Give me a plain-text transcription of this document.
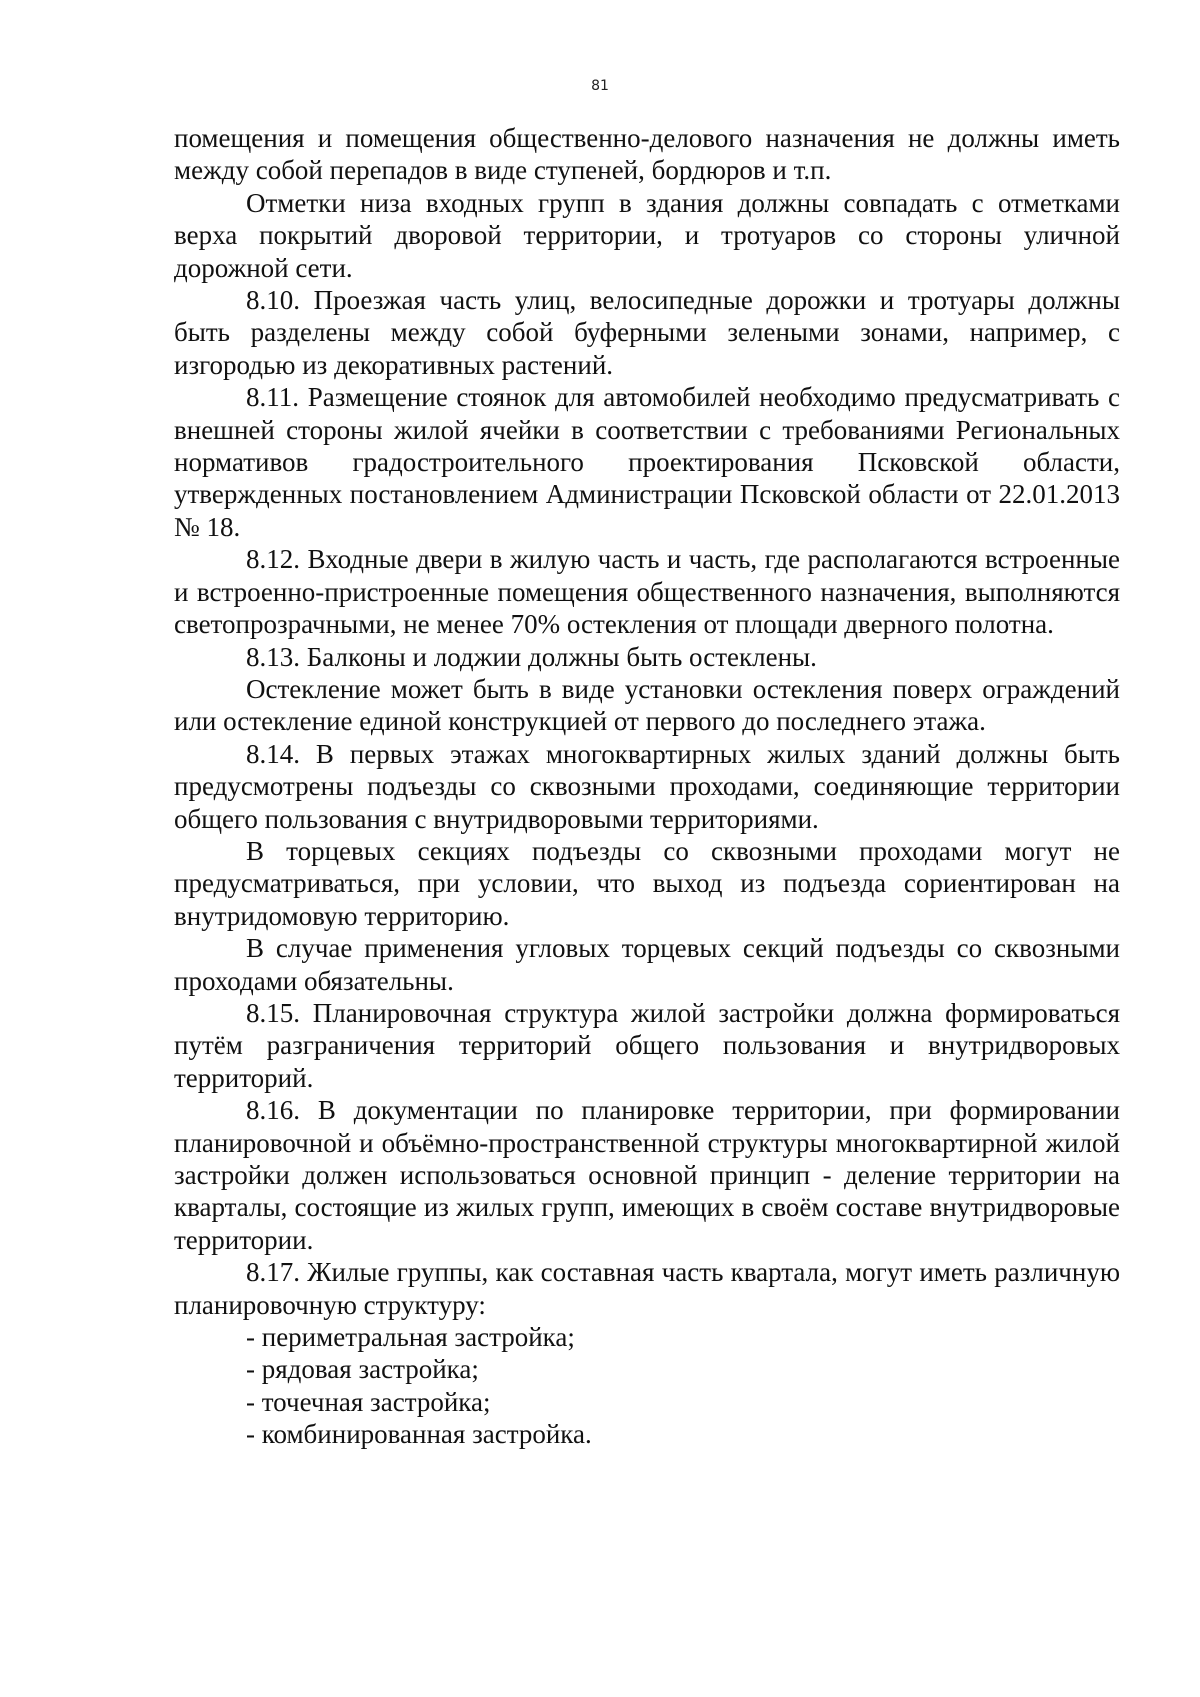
81

помещения и помещения общественно-делового назначения не должны иметь между собой перепадов в виде ступеней, бордюров и т.п.

Отметки низа входных групп в здания должны совпадать с отметками верха покрытий дворовой территории, и тротуаров со стороны уличной дорожной сети.

8.10. Проезжая часть улиц, велосипедные дорожки и тротуары должны быть разделены между собой буферными зелеными зонами, например, с изгородью из декоративных растений.

8.11. Размещение стоянок для автомобилей необходимо предусматривать с внешней стороны жилой ячейки в соответствии с требованиями Региональных нормативов градостроительного проектирования Псковской области, утвержденных постановлением Администрации Псковской области от 22.01.2013 № 18.

8.12. Входные двери в жилую часть и часть, где располагаются встроенные и встроенно-пристроенные помещения общественного назначения, выполняются светопрозрачными, не менее 70% остекления от площади дверного полотна.

8.13. Балконы и лоджии должны быть остеклены.

Остекление может быть в виде установки остекления поверх ограждений или остекление единой конструкцией от первого до последнего этажа.

8.14. В первых этажах многоквартирных жилых зданий должны быть предусмотрены подъезды со сквозными проходами, соединяющие территории общего пользования с внутридворовыми территориями.

В торцевых секциях подъезды со сквозными проходами могут не предусматриваться, при условии, что выход из подъезда сориентирован на внутридомовую территорию.

В случае применения угловых торцевых секций подъезды со сквозными проходами обязательны.

8.15. Планировочная структура жилой застройки должна формироваться путём разграничения территорий общего пользования и внутридворовых территорий.

8.16. В документации по планировке территории, при формировании планировочной и объёмно-пространственной структуры многоквартирной жилой застройки должен использоваться основной принцип - деление территории на кварталы, состоящие из жилых групп, имеющих в своём составе внутридворовые территории.

8.17. Жилые группы, как составная часть квартала, могут иметь различную планировочную структуру:

- периметральная застройка;

- рядовая застройка;

- точечная застройка;

- комбинированная застройка.
